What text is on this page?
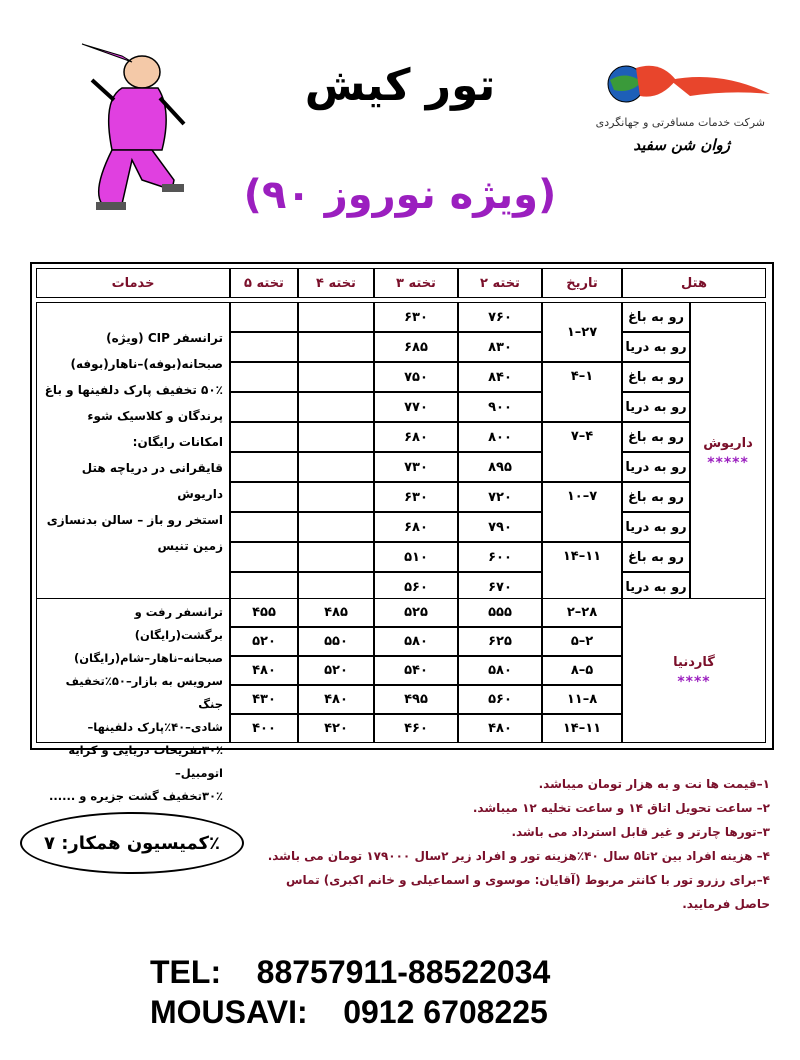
تور کیش
(ویژه نوروز ۹۰)
شرکت خدمات مسافرتی و جهانگردی
ژوان شن سفید
هتل
تاریخ
۲ تخته
۳ تخته
۴ تخته
۵ تخته
خدمات
داریوش
*****
رو به باغ
رو به دریا
رو به باغ
رو به دریا
رو به باغ
رو به دریا
رو به باغ
رو به دریا
رو به باغ
رو به دریا
۱–۲۷
۴–۱
۷–۴
۱۰–۷
۱۴–۱۱
۷۶۰
۸۳۰
۸۴۰
۹۰۰
۸۰۰
۸۹۵
۷۲۰
۷۹۰
۶۰۰
۶۷۰
۶۳۰
۶۸۵
۷۵۰
۷۷۰
۶۸۰
۷۳۰
۶۳۰
۶۸۰
۵۱۰
۵۶۰
ترانسفر CIP (ویژه)
صبحانه(بوفه)–ناهار(بوفه)
۵۰٪ تخفیف پارک دلفینها و باغ
پرندگان و کلاسیک شوء
امکانات رایگان:
قایقرانی در دریاچه هتل داریوش
استخر رو باز – سالن بدنسازی
زمین تنیس
گاردنیا
****
۲–۲۸
۵–۲
۸–۵
۱۱–۸
۱۴–۱۱
۵۵۵
۶۲۵
۵۸۰
۵۶۰
۴۸۰
۵۲۵
۵۸۰
۵۴۰
۴۹۵
۴۶۰
۴۸۵
۵۵۰
۵۲۰
۴۸۰
۴۲۰
۴۵۵
۵۲۰
۴۸۰
۴۳۰
۴۰۰
ترانسفر رفت و برگشت(رایگان)
صبحانه–ناهار–شام(رایگان)
سرویس به بازار–۵۰٪تخفیف جنگ
شادی–۴۰٪پارک دلفینها–
۳۰٪تفریحات دریایی و کرایه اتومبیل–
۳۰٪تخفیف گشت جزیره و ......
۱–قیمت ها نت و به هزار تومان میباشد.
۲– ساعت تحویل اتاق ۱۴ و ساعت تخلیه ۱۲ میباشد.
۳–تورها چارتر و غیر قابل استرداد می باشد.
۴– هزینه افراد بین ۲تا۵ سال ۴۰٪هزینه تور و افراد زیر ۲سال ۱۷۹۰۰۰ تومان می باشد.
۴–برای رزرو تور با کانتر مربوط (آقایان: موسوی و اسماعیلی و خانم اکبری) تماس حاصل فرمایید.
کمیسیون همکار: ۷٪
TEL: 88757911-88522034
MOUSAVI: 0912 6708225
